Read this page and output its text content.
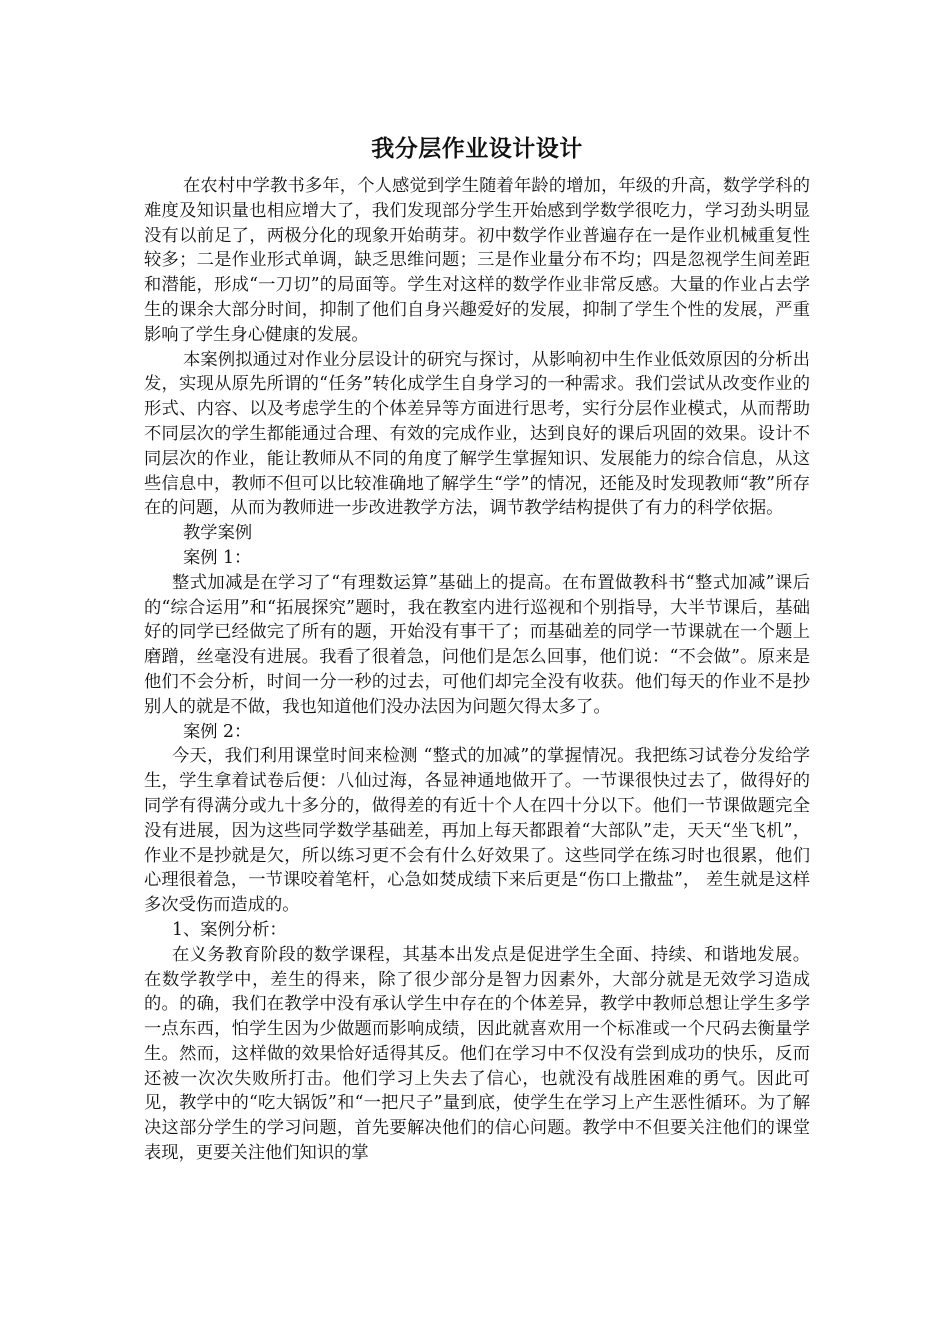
我分层作业设计设计

在农村中学教书多年，个人感觉到学生随着年龄的增加，年级的升高，数学学科的难度及知识量也相应增大了，我们发现部分学生开始感到学数学很吃力，学习劲头明显没有以前足了，两极分化的现象开始萌芽。初中数学作业普遍存在一是作业机械重复性较多；二是作业形式单调，缺乏思维问题；三是作业量分布不均；四是忽视学生间差距和潜能，形成“一刀切”的局面等。学生对这样的数学作业非常反感。大量的作业占去学生的课余大部分时间，抑制了他们自身兴趣爱好的发展，抑制了学生个性的发展，严重影响了学生身心健康的发展。

本案例拟通过对作业分层设计的研究与探讨，从影响初中生作业低效原因的分析出发，实现从原先所谓的“任务”转化成学生自身学习的一种需求。我们尝试从改变作业的形式、内容、以及考虑学生的个体差异等方面进行思考，实行分层作业模式，从而帮助不同层次的学生都能通过合理、有效的完成作业，达到良好的课后巩固的效果。设计不同层次的作业，能让教师从不同的角度了解学生掌握知识、发展能力的综合信息，从这些信息中，教师不但可以比较准确地了解学生“学”的情况，还能及时发现教师“教”所存在的问题，从而为教师进一步改进教学方法，调节教学结构提供了有力的科学依据。

教学案例

案例 1：

整式加减是在学习了“有理数运算”基础上的提高。在布置做教科书“整式加减”课后的“综合运用”和“拓展探究”题时，我在教室内进行巡视和个别指导，大半节课后，基础好的同学已经做完了所有的题，开始没有事干了；而基础差的同学一节课就在一个题上磨蹭，丝毫没有进展。我看了很着急，问他们是怎么回事，他们说：“不会做”。原来是他们不会分析，时间一分一秒的过去，可他们却完全没有收获。他们每天的作业不是抄别人的就是不做，我也知道他们没办法因为问题欠得太多了。

案例 2：

今天，我们利用课堂时间来检测 “整式的加减”的掌握情况。我把练习试卷分发给学生，学生拿着试卷后便：八仙过海，各显神通地做开了。一节课很快过去了，做得好的同学有得满分或九十多分的，做得差的有近十个人在四十分以下。他们一节课做题完全没有进展，因为这些同学数学基础差，再加上每天都跟着“大部队”走，天天“坐飞机”，作业不是抄就是欠，所以练习更不会有什么好效果了。这些同学在练习时也很累，他们心理很着急，一节课咬着笔杆，心急如焚成绩下来后更是“伤口上撒盐”， 差生就是这样多次受伤而造成的。

1、案例分析：

在义务教育阶段的数学课程，其基本出发点是促进学生全面、持续、和谐地发展。在数学教学中，差生的得来，除了很少部分是智力因素外，大部分就是无效学习造成的。的确，我们在教学中没有承认学生中存在的个体差异，教学中教师总想让学生多学一点东西，怕学生因为少做题而影响成绩，因此就喜欢用一个标准或一个尺码去衡量学生。然而，这样做的效果恰好适得其反。他们在学习中不仅没有尝到成功的快乐，反而还被一次次失败所打击。他们学习上失去了信心，也就没有战胜困难的勇气。因此可见，教学中的“吃大锅饭”和“一把尺子”量到底，使学生在学习上产生恶性循环。为了解决这部分学生的学习问题，首先要解决他们的信心问题。教学中不但要关注他们的课堂表现，更要关注他们知识的掌
